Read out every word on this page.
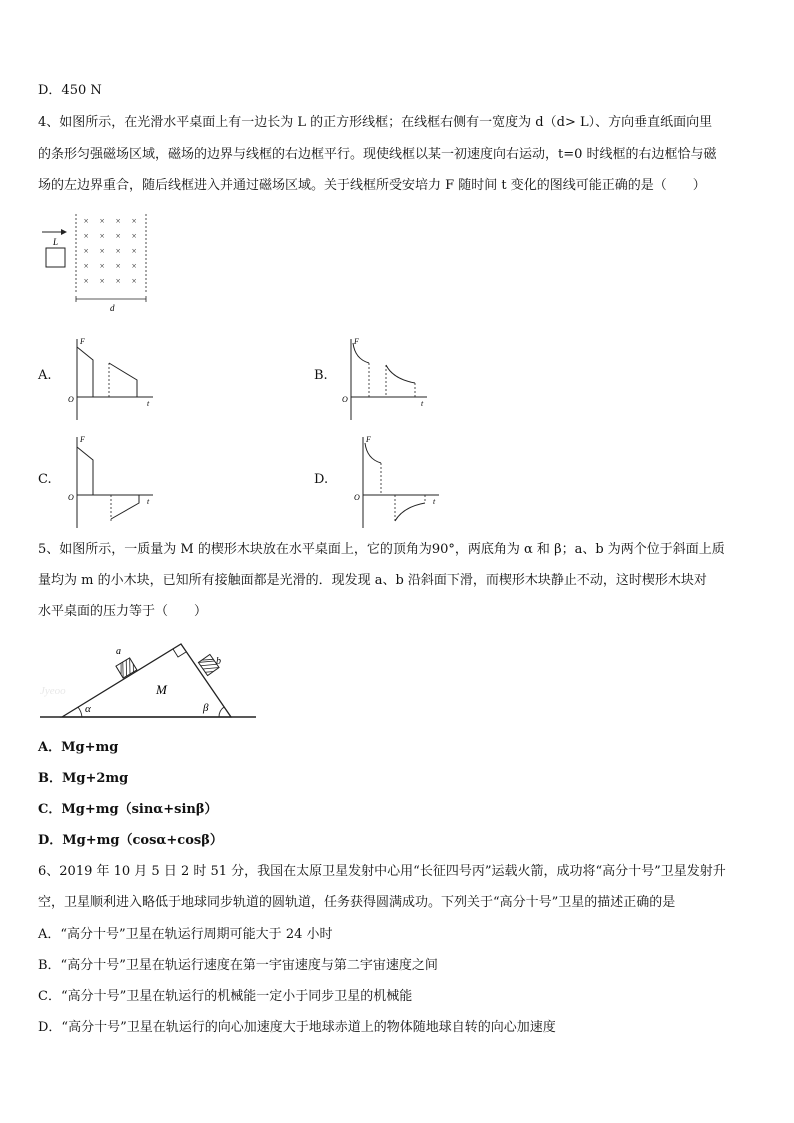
D．450 N
4、如图所示，在光滑水平桌面上有一边长为 L 的正方形线框；在线框右侧有一宽度为 d（d> L）、方向垂直纸面向里
的条形匀强磁场区域，磁场的边界与线框的右边框平行。现使线框以某一初速度向右运动，t=0 时线框的右边框恰与磁
场的左边界重合，随后线框进入并通过磁场区域。关于线框所受安培力 F 随时间 t 变化的图线可能正确的是（　　）
L
× × × ×
× × × ×
× × × ×
× × × ×
× × × ×
d
A.
F
O	t
B.
F
O	t
C.
F
O	t
D.
F
O	t
5、如图所示，一质量为 M 的楔形木块放在水平桌面上，它的顶角为90°，两底角为 α 和 β；a、b 为两个位于斜面上质
量均为 m 的小木块，已知所有接触面都是光滑的．现发现 a、b 沿斜面下滑，而楔形木块静止不动，这时楔形木块对
水平桌面的压力等于（　　）
a
b
M
α	β
Jyeoo
A．Mg+mg
B．Mg+2mg
C．Mg+mg（sinα+sinβ）
D．Mg+mg（cosα+cosβ）
6、2019 年 10 月 5 日 2 时 51 分，我国在太原卫星发射中心用“长征四号丙”运载火箭，成功将“高分十号”卫星发射升
空，卫星顺利进入略低于地球同步轨道的圆轨道，任务获得圆满成功。下列关于“高分十号”卫星的描述正确的是
A．“高分十号”卫星在轨运行周期可能大于 24 小时
B．“高分十号”卫星在轨运行速度在第一宇宙速度与第二宇宙速度之间
C．“高分十号”卫星在轨运行的机械能一定小于同步卫星的机械能
D．“高分十号”卫星在轨运行的向心加速度大于地球赤道上的物体随地球自转的向心加速度
